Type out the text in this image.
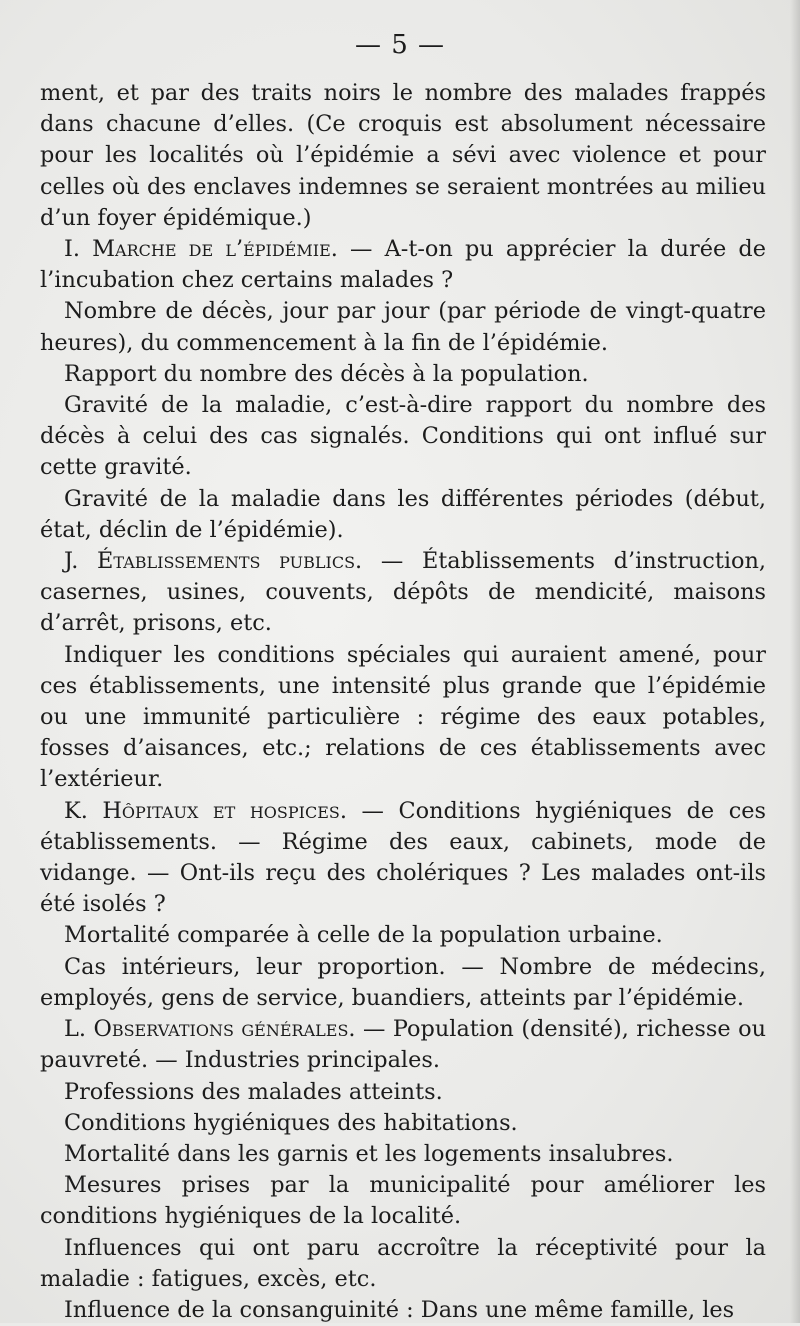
— 5 —

ment, et par des traits noirs le nombre des malades frappés dans chacune d’elles. (Ce croquis est absolument nécessaire pour les localités où l’épidémie a sévi avec violence et pour celles où des enclaves indemnes se seraient montrées au milieu d’un foyer épidémique.)

I. Marche de l’épidémie. — A-t-on pu apprécier la durée de l’incubation chez certains malades ?

Nombre de décès, jour par jour (par période de vingt-quatre heures), du commencement à la fin de l’épidémie.

Rapport du nombre des décès à la population.

Gravité de la maladie, c’est-à-dire rapport du nombre des décès à celui des cas signalés. Conditions qui ont influé sur cette gravité.

Gravité de la maladie dans les différentes périodes (début, état, déclin de l’épidémie).

J. Établissements publics. — Établissements d’instruction, casernes, usines, couvents, dépôts de mendicité, maisons d’arrêt, prisons, etc.

Indiquer les conditions spéciales qui auraient amené, pour ces établissements, une intensité plus grande que l’épidémie ou une immunité particulière : régime des eaux potables, fosses d’aisances, etc.; relations de ces établissements avec l’extérieur.

K. Hôpitaux et hospices. — Conditions hygiéniques de ces établissements. — Régime des eaux, cabinets, mode de vidange. — Ont-ils reçu des cholériques ? Les malades ont-ils été isolés ?

Mortalité comparée à celle de la population urbaine.

Cas intérieurs, leur proportion. — Nombre de médecins, employés, gens de service, buandiers, atteints par l’épidémie.

L. Observations générales. — Population (densité), richesse ou pauvreté. — Industries principales.

Professions des malades atteints.

Conditions hygiéniques des habitations.

Mortalité dans les garnis et les logements insalubres.

Mesures prises par la municipalité pour améliorer les conditions hygiéniques de la localité.

Influences qui ont paru accroître la réceptivité pour la maladie : fatigues, excès, etc.

Influence de la consanguinité : Dans une même famille, les
